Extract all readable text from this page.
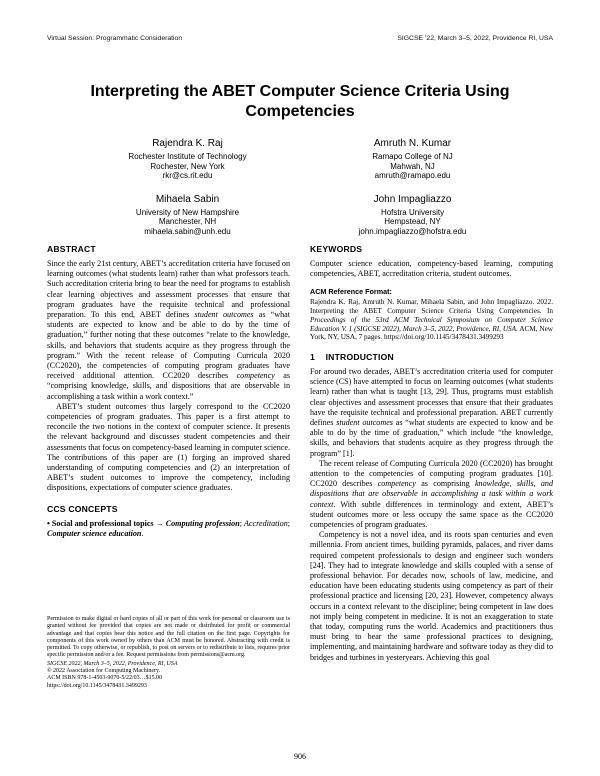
Virtual Session: Programmatic Consideration	SIGCSE ’22, March 3–5, 2022, Providence RI, USA
Interpreting the ABET Computer Science Criteria Using Competencies
Rajendra K. Raj
Rochester Institute of Technology
Rochester, New York
rkr@cs.rit.edu
Amruth N. Kumar
Ramapo College of NJ
Mahwah, NJ
amruth@ramapo.edu
Mihaela Sabin
University of New Hampshire
Manchester, NH
mihaela.sabin@unh.edu
John Impagliazzo
Hofstra University
Hempstead, NY
john.impagliazzo@hofstra.edu
ABSTRACT

Since the early 21st century, ABET’s accreditation criteria have focused on learning outcomes (what students learn) rather than what professors teach. Such accreditation criteria bring to bear the need for programs to establish clear learning objectives and assessment processes that ensure that program graduates have the requisite technical and professional preparation. To this end, ABET defines student outcomes as “what students are expected to know and be able to do by the time of graduation,” further noting that these outcomes “relate to the knowledge, skills, and behaviors that students acquire as they progress through the program.” With the recent release of Computing Curricula 2020 (CC2020), the competencies of computing program graduates have received additional attention. CC2020 describes competency as “comprising knowledge, skills, and dispositions that are observable in accomplishing a task within a work context.”

ABET’s student outcomes thus largely correspond to the CC2020 competencies of program graduates. This paper is a first attempt to reconcile the two notions in the context of computer science. It presents the relevant background and discusses student competencies and their assessments that focus on competency-based learning in computer science. The contributions of this paper are (1) forging an improved shared understanding of computing competencies and (2) an interpretation of ABET’s student outcomes to improve the competency, including dispositions, expectations of computer science graduates.

CCS CONCEPTS

• Social and professional topics → Computing profession; Accreditation; Computer science education.

KEYWORDS

Computer science education, competency-based learning, computing competencies, ABET, accreditation criteria, student outcomes.

ACM Reference Format:

Rajendra K. Raj, Amruth N. Kumar, Mihaela Sabin, and John Impagliazzo. 2022. Interpreting the ABET Computer Science Criteria Using Competencies. In Proceedings of the 53rd ACM Technical Symposium on Computer Science Education V. 1 (SIGCSE 2022), March 3–5, 2022, Providence, RI, USA. ACM, New York, NY, USA, 7 pages. https://doi.org/10.1145/3478431.3499293

1 INTRODUCTION

For around two decades, ABET’s accreditation criteria used for computer science (CS) have attempted to focus on learning outcomes (what students learn) rather than what is taught [13, 29]. Thus, programs must establish clear objectives and assessment processes that ensure that their graduates have the requisite technical and professional preparation. ABET currently defines student outcomes as “what students are expected to know and be able to do by the time of graduation,” which include “the knowledge, skills, and behaviors that students acquire as they progress through the program” [1].

The recent release of Computing Curricula 2020 (CC2020) has brought attention to the competencies of computing program graduates [10]. CC2020 describes competency as comprising knowledge, skills, and dispositions that are observable in accomplishing a task within a work context. With subtle differences in terminology and extent, ABET’s student outcomes more or less occupy the same space as the CC2020 competencies of program graduates.

Competency is not a novel idea, and its roots span centuries and even millennia. From ancient times, building pyramids, palaces, and river dams required competent professionals to design and engineer such wonders [24]. They had to integrate knowledge and skills coupled with a sense of professional behavior. For decades now, schools of law, medicine, and education have been educating students using competency as part of their professional practice and licensing [20, 23]. However, competency always occurs in a context relevant to the discipline; being competent in law does not imply being competent in medicine. It is not an exaggeration to state that today, computing runs the world. Academics and practitioners thus must bring to bear the same professional practices to designing, implementing, and maintaining hardware and software today as they did to bridges and turbines in yesteryears. Achieving this goal

Permission to make digital or hard copies of all or part of this work for personal or classroom use is granted without fee provided that copies are not made or distributed for profit or commercial advantage and that copies bear this notice and the full citation on the first page. Copyrights for components of this work owned by others than ACM must be honored. Abstracting with credit is permitted. To copy otherwise, or republish, to post on servers or to redistribute to lists, requires prior specific permission and/or a fee. Request permissions from permissions@acm.org.

SIGCSE 2022, March 3–5, 2022, Providence, RI, USA
© 2022 Association for Computing Machinery.
ACM ISBN 978-1-4503-9070-5/22/03…$15.00
https://doi.org/10.1145/3478431.3499293
906
